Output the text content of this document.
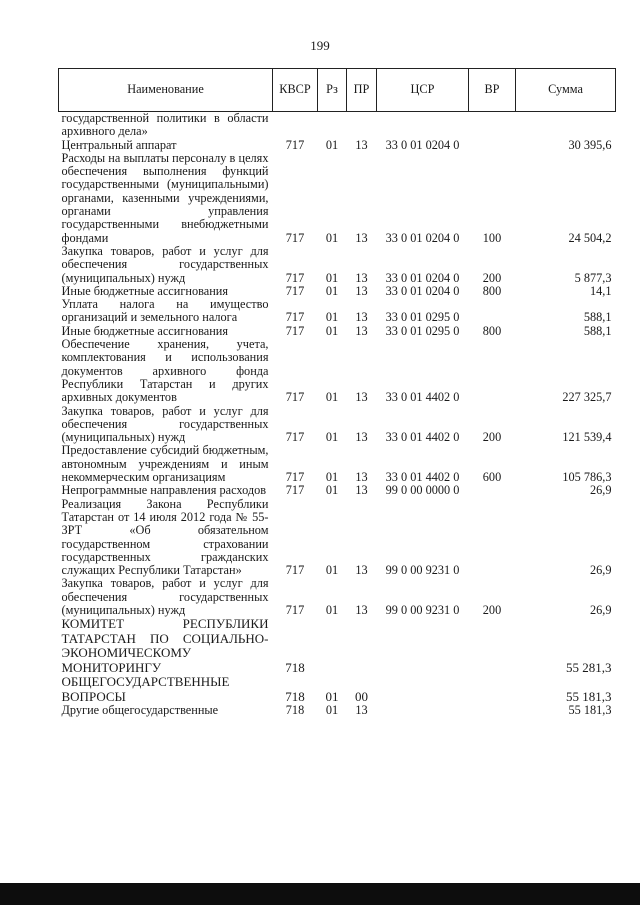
199
Наименование	КВСР	Рз	ПР	ЦСР	ВР	Сумма
государственной политики в области архивного дела»						
Центральный аппарат	717	01	13	33 0 01 0204 0		30 395,6
Расходы на выплаты персоналу в целях обеспечения выполнения функций государственными (муниципальными) органами, казенными учреждениями, органами управления государственными внебюджетными фондами	717	01	13	33 0 01 0204 0	100	24 504,2
Закупка товаров, работ и услуг для обеспечения государственных (муниципальных) нужд	717	01	13	33 0 01 0204 0	200	5 877,3
Иные бюджетные ассигнования	717	01	13	33 0 01 0204 0	800	14,1
Уплата налога на имущество организаций и земельного налога	717	01	13	33 0 01 0295 0		588,1
Иные бюджетные ассигнования	717	01	13	33 0 01 0295 0	800	588,1
Обеспечение хранения, учета, комплектования и использования документов архивного фонда Республики Татарстан и других архивных документов	717	01	13	33 0 01 4402 0		227 325,7
Закупка товаров, работ и услуг для обеспечения государственных (муниципальных) нужд	717	01	13	33 0 01 4402 0	200	121 539,4
Предоставление субсидий бюджетным, автономным учреждениям и иным некоммерческим организациям	717	01	13	33 0 01 4402 0	600	105 786,3
Непрограммные направления расходов	717	01	13	99 0 00 0000 0		26,9
Реализация Закона Республики Татарстан от 14 июля 2012 года № 55-ЗРТ «Об обязательном государственном страховании государственных гражданских служащих Республики Татарстан»	717	01	13	99 0 00 9231 0		26,9
Закупка товаров, работ и услуг для обеспечения государственных (муниципальных) нужд	717	01	13	99 0 00 9231 0	200	26,9
КОМИТЕТ РЕСПУБЛИКИ ТАТАРСТАН ПО СОЦИАЛЬНО-ЭКОНОМИЧЕСКОМУ МОНИТОРИНГУ	718					55 281,3
ОБЩЕГОСУДАРСТВЕННЫЕ ВОПРОСЫ	718	01	00			55 181,3
Другие общегосударственные	718	01	13			55 181,3
